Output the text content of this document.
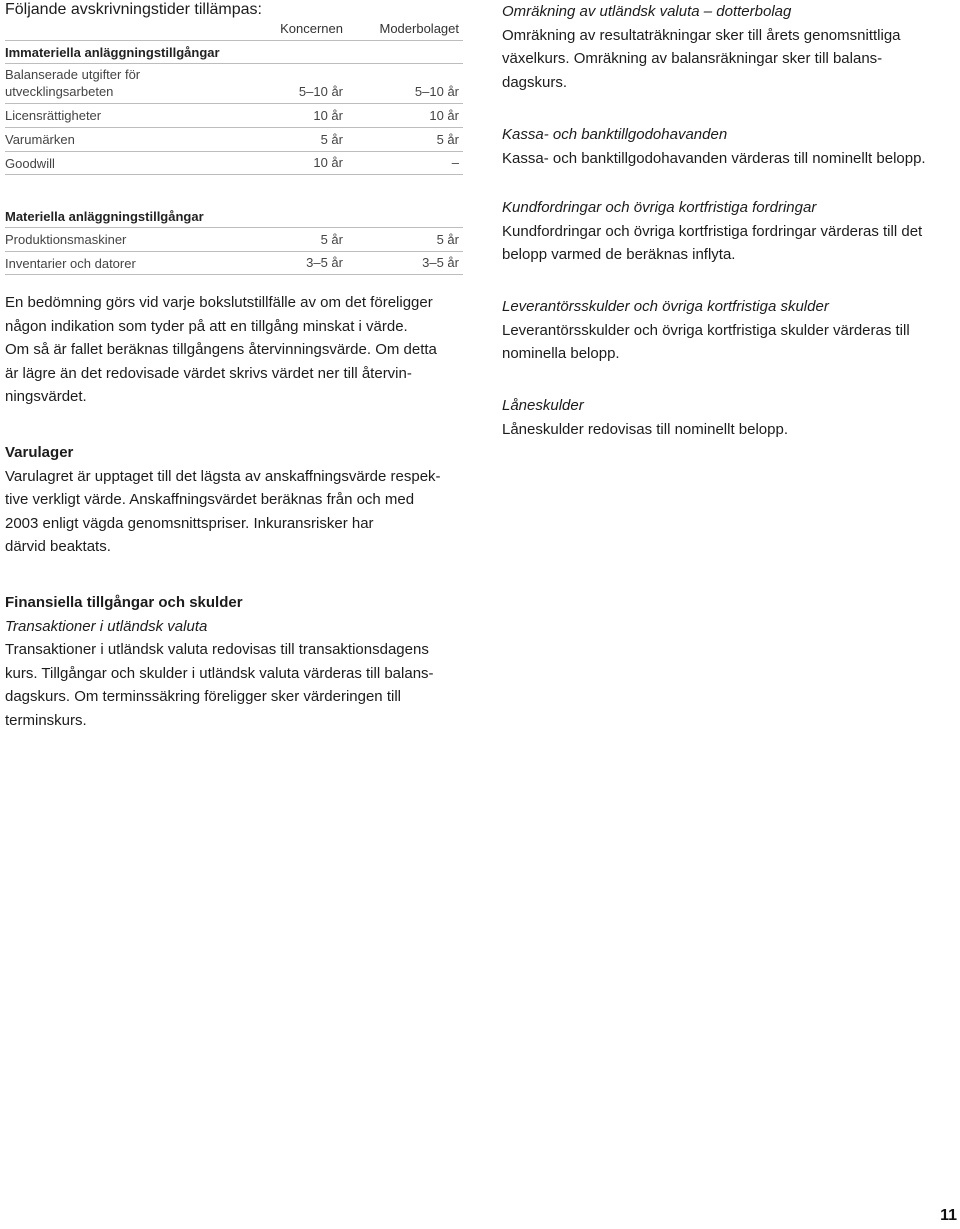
Följande avskrivningstider tillämpas:

Koncernen	Moderbolaget
Immateriella anläggningstillgångar
Balanserade utgifter för
utvecklingsarbeten	5–10 år	5–10 år
Licensrättigheter	10 år	10 år
Varumärken	5 år	5 år
Goodwill	10 år	–
Materiella anläggningstillgångar
Produktionsmaskiner	5 år	5 år
Inventarier och datorer	3–5 år	3–5 år

En bedömning görs vid varje bokslutstillfälle av om det föreligger
någon indikation som tyder på att en tillgång minskat i värde.
Om så är fallet beräknas tillgångens återvinningsvärde. Om detta
är lägre än det redovisade värdet skrivs värdet ner till återvin-
ningsvärdet.

Varulager
Varulagret är upptaget till det lägsta av anskaffningsvärde respek-
tive verkligt värde. Anskaffningsvärdet beräknas från och med
2003 enligt vägda genomsnittspriser. Inkuransrisker har
därvid beaktats.

Finansiella tillgångar och skulder
Transaktioner i utländsk valuta
Transaktioner i utländsk valuta redovisas till transaktionsdagens
kurs. Tillgångar och skulder i utländsk valuta värderas till balans-
dagskurs. Om terminssäkring föreligger sker värderingen till
terminskurs.

Omräkning av utländsk valuta – dotterbolag
Omräkning av resultaträkningar sker till årets genomsnittliga
växelkurs. Omräkning av balansräkningar sker till balans-
dagskurs.

Kassa- och banktillgodohavanden
Kassa- och banktillgodohavanden värderas till nominellt belopp.

Kundfordringar och övriga kortfristiga fordringar
Kundfordringar och övriga kortfristiga fordringar värderas till det
belopp varmed de beräknas inflyta.

Leverantörsskulder och övriga kortfristiga skulder
Leverantörsskulder och övriga kortfristiga skulder värderas till
nominella belopp.

Låneskulder
Låneskulder redovisas till nominellt belopp.

11
